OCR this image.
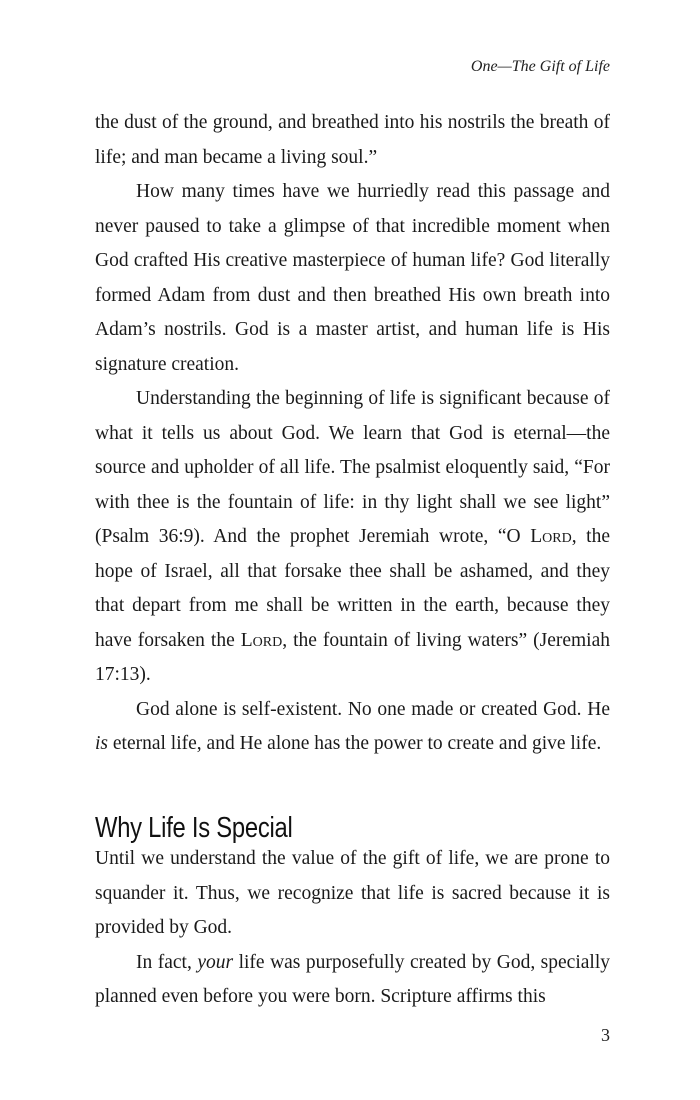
One—The Gift of Life

the dust of the ground, and breathed into his nostrils the breath of life; and man became a living soul.”

How many times have we hurriedly read this passage and never paused to take a glimpse of that incredible moment when God crafted His creative masterpiece of human life? God literally formed Adam from dust and then breathed His own breath into Adam’s nostrils. God is a master artist, and human life is His signature creation.

Understanding the beginning of life is significant because of what it tells us about God. We learn that God is eternal—the source and upholder of all life. The psalmist eloquently said, “For with thee is the fountain of life: in thy light shall we see light” (Psalm 36:9). And the prophet Jeremiah wrote, “O Lord, the hope of Israel, all that forsake thee shall be ashamed, and they that depart from me shall be written in the earth, because they have forsaken the Lord, the fountain of living waters” (Jeremiah 17:13).

God alone is self-existent. No one made or created God. He is eternal life, and He alone has the power to create and give life.

Why Life Is Special

Until we understand the value of the gift of life, we are prone to squander it. Thus, we recognize that life is sacred because it is provided by God.

In fact, your life was purposefully created by God, specially planned even before you were born. Scripture affirms this

3
